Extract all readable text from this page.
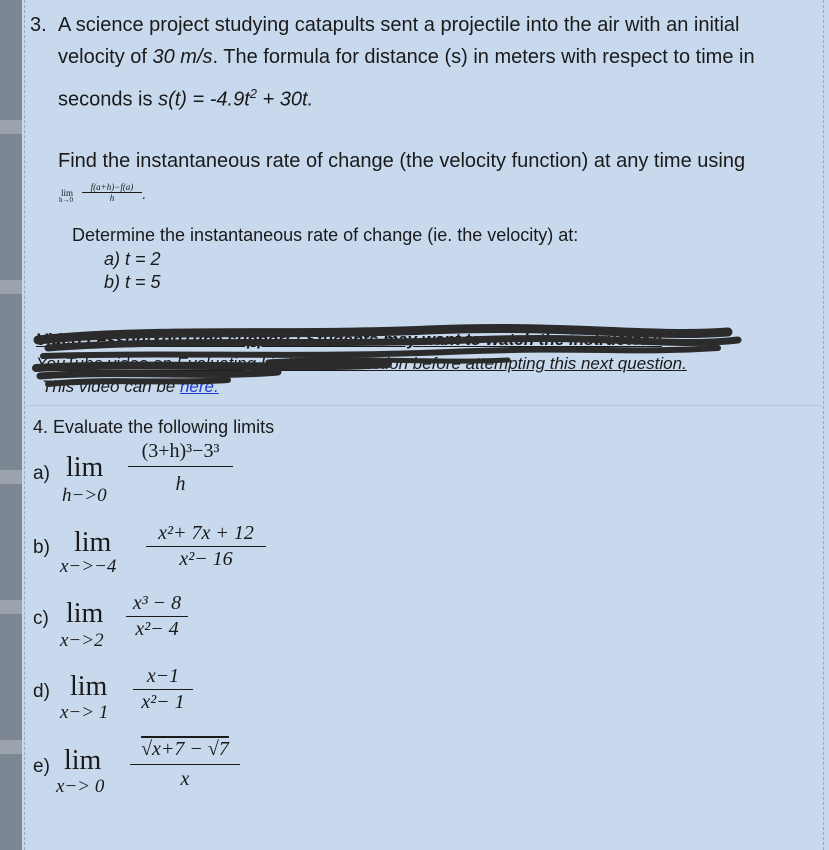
3. A science project studying catapults sent a projectile into the air with an initial
velocity of 30 m/s. The formula for distance (s) in meters with respect to time in
seconds is $s(t) = -4.9t^2 + 30t$.
Find the instantaneous rate of change (the velocity function) at any time using
lim
h→0
f(a+h)−f(a)
h	.
Determine the instantaneous rate of change (ie. the velocity) at:
a) t = 2
b) t = 5
Video Lesson/YouTube support : Students may want to watch the instructor's
YouTube video on Evaluating Limits of a Function before attempting this next question.
This video can be here.
4. Evaluate the following limits
a) lim
h−>0
(3+h)³−3³
h
b) lim
x−>−4
x²+ 7x + 12
x²− 16
c) lim
x−>2
x³ − 8
x²− 4
d) lim
x−> 1
x−1
x²− 1
e) lim
x−> 0
√x+7 − √7
x
